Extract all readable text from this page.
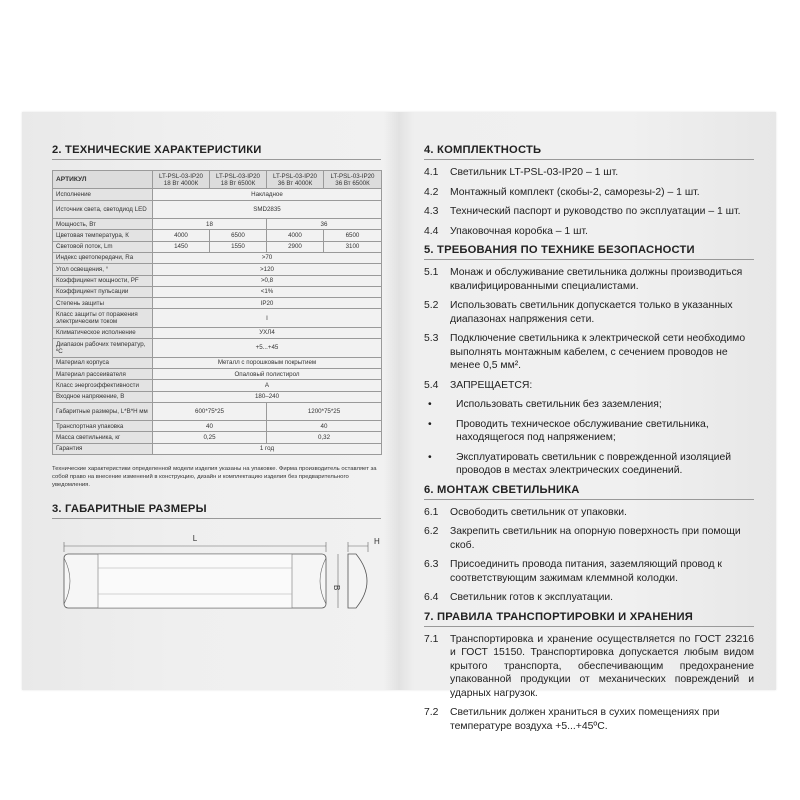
2. ТЕХНИЧЕСКИЕ ХАРАКТЕРИСТИКИ
АРТИКУЛ	LT-PSL-03-IP20 18 Вт 4000К	LT-PSL-03-IP20 18 Вт 6500К	LT-PSL-03-IP20 36 Вт 4000К	LT-PSL-03-IP20 36 Вт 6500К
Исполнение	Накладное			
Источник света, светодиод LED	SMD2835			
Мощность, Вт	18		36	
Цветовая температура, К	4000	6500	4000	6500
Световой поток, Lm	1450	1550	2900	3100
Индекс цветопередачи, Ra	>70			
Угол освещения, °	>120			
Коэффициент мощности, PF	>0,8			
Коэффициент пульсации	<1%			
Степень защиты	IP20			
Класс защиты от поражения электрическим током	I			
Климатическое исполнение	УХЛ4			
Диапазон рабочих температур, ºС	+5...+45			
Материал корпуса	Металл с порошковым покрытием			
Материал рассеивателя	Опаловый полистирол			
Класс энергоэффективности	A			
Входное напряжение, В	180–240			
Габаритные размеры, L*B*H мм	600*75*25		1200*75*25	
Транспортная упаковка	40		40	
Масса светильника, кг	0,25		0,32	
Гарантия	1 год			
Технические характеристики определенной модели изделия указаны на упаковке. Фирма производитель оставляет за собой право на внесение изменений в конструкцию, дизайн и комплектацию изделия без предварительного уведомления.
3. ГАБАРИТНЫЕ РАЗМЕРЫ
L
B
H
4. КОМПЛЕКТНОСТЬ
4.1	Светильник LT-PSL-03-IP20 – 1 шт.
4.2	Монтажный комплект (скобы-2, саморезы-2) – 1 шт.
4.3	Технический паспорт и руководство по эксплуатации – 1 шт.
4.4	Упаковочная коробка – 1 шт.
5. ТРЕБОВАНИЯ ПО ТЕХНИКЕ БЕЗОПАСНОСТИ
5.1	Монаж и обслуживание светильника должны производиться квалифицированными специалистами.
5.2	Использовать светильник допускается только в указанных диапазонах напряжения сети.
5.3	Подключение светильника к электрической сети необходимо выполнять монтажным кабелем, с сечением проводов не менее 0,5 мм².
5.4	ЗАПРЕЩАЕТСЯ:
•	Использовать светильник без заземления;
•	Проводить техническое обслуживание светильника, находящегося под напряжением;
•	Эксплуатировать светильник с поврежденной изоляцией проводов в местах электрических соединений.
6. МОНТАЖ СВЕТИЛЬНИКА
6.1	Освободить светильник от упаковки.
6.2	Закрепить светильник на опорную поверхность при помощи скоб.
6.3	Присоединить провода питания, заземляющий провод к соответствующим зажимам клеммной колодки.
6.4	Светильник готов к эксплуатации.
7. ПРАВИЛА ТРАНСПОРТИРОВКИ И ХРАНЕНИЯ
7.1	Транспортировка и хранение осуществляется по ГОСТ 23216 и ГОСТ 15150. Транспортировка допускается любым видом крытого транспорта, обеспечивающим предохранение упакованной продукции от механических повреждений и ударных нагрузок.
7.2	Светильник должен храниться в сухих помещениях при температуре воздуха +5...+45ºС.
